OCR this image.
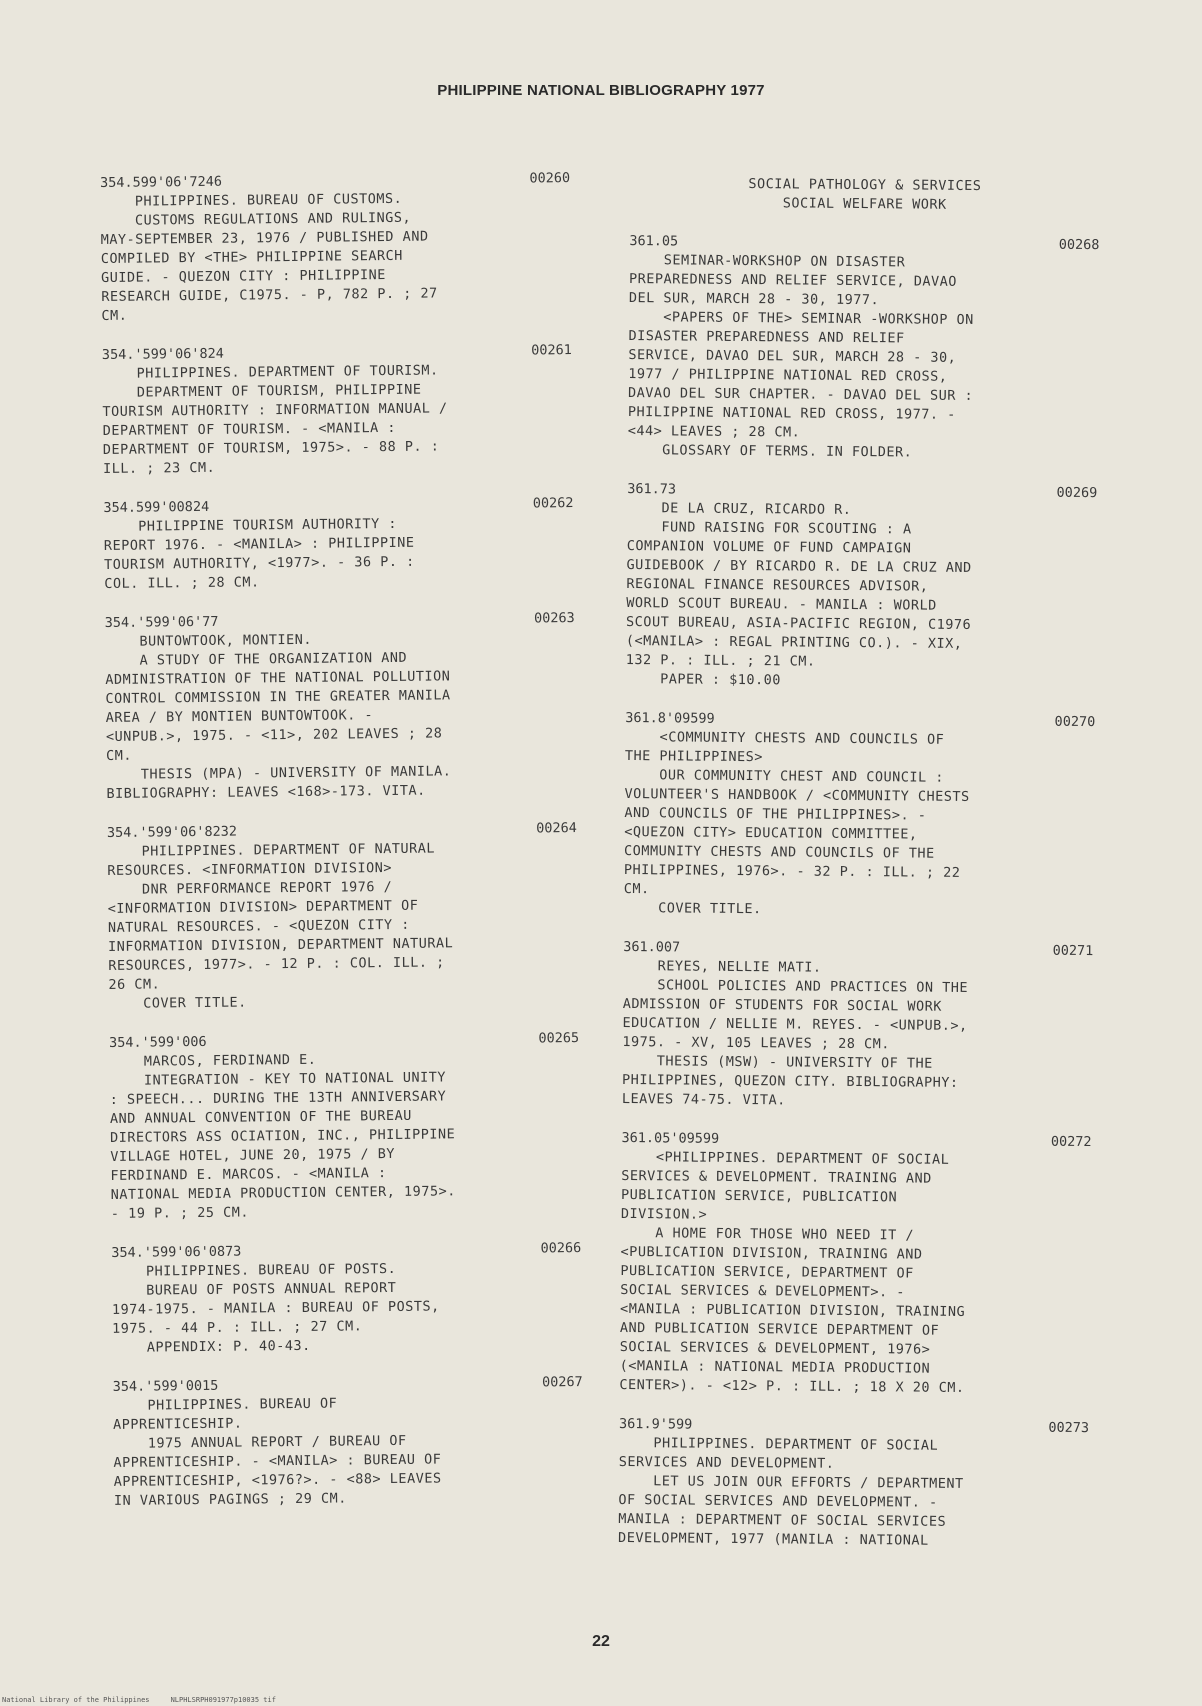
PHILIPPINE NATIONAL BIBLIOGRAPHY 1977
354.599'06'7246	00260
PHILIPPINES. BUREAU OF CUSTOMS.
CUSTOMS REGULATIONS AND RULINGS,
MAY-SEPTEMBER 23, 1976 / PUBLISHED AND
COMPILED BY <THE> PHILIPPINE SEARCH
GUIDE. - QUEZON CITY : PHILIPPINE
RESEARCH GUIDE, C1975. - P, 782 P. ; 27
CM.
354.'599'06'824	00261
PHILIPPINES. DEPARTMENT OF TOURISM.
DEPARTMENT OF TOURISM, PHILIPPINE
TOURISM AUTHORITY : INFORMATION MANUAL /
DEPARTMENT OF TOURISM. - <MANILA :
DEPARTMENT OF TOURISM, 1975>. - 88 P. :
ILL. ; 23 CM.
354.599'00824	00262
PHILIPPINE TOURISM AUTHORITY :
REPORT 1976. - <MANILA> : PHILIPPINE
TOURISM AUTHORITY, <1977>. - 36 P. :
COL. ILL. ; 28 CM.
354.'599'06'77	00263
BUNTOWTOOK, MONTIEN.
A STUDY OF THE ORGANIZATION AND
ADMINISTRATION OF THE NATIONAL POLLUTION
CONTROL COMMISSION IN THE GREATER MANILA
AREA / BY MONTIEN BUNTOWTOOK. -
<UNPUB.>, 1975. - <11>, 202 LEAVES ; 28
CM.
THESIS (MPA) - UNIVERSITY OF MANILA.
BIBLIOGRAPHY: LEAVES <168>-173. VITA.
354.'599'06'8232	00264
PHILIPPINES. DEPARTMENT OF NATURAL
RESOURCES. <INFORMATION DIVISION>
DNR PERFORMANCE REPORT 1976 /
<INFORMATION DIVISION> DEPARTMENT OF
NATURAL RESOURCES. - <QUEZON CITY :
INFORMATION DIVISION, DEPARTMENT NATURAL
RESOURCES, 1977>. - 12 P. : COL. ILL. ;
26 CM.
COVER TITLE.
354.'599'006	00265
MARCOS, FERDINAND E.
INTEGRATION - KEY TO NATIONAL UNITY
: SPEECH... DURING THE 13TH ANNIVERSARY
AND ANNUAL CONVENTION OF THE BUREAU
DIRECTORS ASS OCIATION, INC., PHILIPPINE
VILLAGE HOTEL, JUNE 20, 1975 / BY
FERDINAND E. MARCOS. - <MANILA :
NATIONAL MEDIA PRODUCTION CENTER, 1975>.
- 19 P. ; 25 CM.
354.'599'06'0873	00266
PHILIPPINES. BUREAU OF POSTS.
BUREAU OF POSTS ANNUAL REPORT
1974-1975. - MANILA : BUREAU OF POSTS,
1975. - 44 P. : ILL. ; 27 CM.
APPENDIX: P. 40-43.
354.'599'0015	00267
PHILIPPINES. BUREAU OF
APPRENTICESHIP.
1975 ANNUAL REPORT / BUREAU OF
APPRENTICESHIP. - <MANILA> : BUREAU OF
APPRENTICESHIP, <1976?>. - <88> LEAVES
IN VARIOUS PAGINGS ; 29 CM.
SOCIAL PATHOLOGY & SERVICES
SOCIAL WELFARE WORK
361.05	00268
SEMINAR-WORKSHOP ON DISASTER
PREPAREDNESS AND RELIEF SERVICE, DAVAO
DEL SUR, MARCH 28 - 30, 1977.
<PAPERS OF THE> SEMINAR -WORKSHOP ON
DISASTER PREPAREDNESS AND RELIEF
SERVICE, DAVAO DEL SUR, MARCH 28 - 30,
1977 / PHILIPPINE NATIONAL RED CROSS,
DAVAO DEL SUR CHAPTER. - DAVAO DEL SUR :
PHILIPPINE NATIONAL RED CROSS, 1977. -
<44> LEAVES ; 28 CM.
GLOSSARY OF TERMS. IN FOLDER.
361.73	00269
DE LA CRUZ, RICARDO R.
FUND RAISING FOR SCOUTING : A
COMPANION VOLUME OF FUND CAMPAIGN
GUIDEBOOK / BY RICARDO R. DE LA CRUZ AND
REGIONAL FINANCE RESOURCES ADVISOR,
WORLD SCOUT BUREAU. - MANILA : WORLD
SCOUT BUREAU, ASIA-PACIFIC REGION, C1976
(<MANILA> : REGAL PRINTING CO.). - XIX,
132 P. : ILL. ; 21 CM.
PAPER : $10.00
361.8'09599	00270
<COMMUNITY CHESTS AND COUNCILS OF
THE PHILIPPINES>
OUR COMMUNITY CHEST AND COUNCIL :
VOLUNTEER'S HANDBOOK / <COMMUNITY CHESTS
AND COUNCILS OF THE PHILIPPINES>. -
<QUEZON CITY> EDUCATION COMMITTEE,
COMMUNITY CHESTS AND COUNCILS OF THE
PHILIPPINES, 1976>. - 32 P. : ILL. ; 22
CM.
COVER TITLE.
361.007	00271
REYES, NELLIE MATI.
SCHOOL POLICIES AND PRACTICES ON THE
ADMISSION OF STUDENTS FOR SOCIAL WORK
EDUCATION / NELLIE M. REYES. - <UNPUB.>,
1975. - XV, 105 LEAVES ; 28 CM.
THESIS (MSW) - UNIVERSITY OF THE
PHILIPPINES, QUEZON CITY. BIBLIOGRAPHY:
LEAVES 74-75. VITA.
361.05'09599	00272
<PHILIPPINES. DEPARTMENT OF SOCIAL
SERVICES & DEVELOPMENT. TRAINING AND
PUBLICATION SERVICE, PUBLICATION
DIVISION.>
A HOME FOR THOSE WHO NEED IT /
<PUBLICATION DIVISION, TRAINING AND
PUBLICATION SERVICE, DEPARTMENT OF
SOCIAL SERVICES & DEVELOPMENT>. -
<MANILA : PUBLICATION DIVISION, TRAINING
AND PUBLICATION SERVICE DEPARTMENT OF
SOCIAL SERVICES & DEVELOPMENT, 1976>
(<MANILA : NATIONAL MEDIA PRODUCTION
CENTER>). - <12> P. : ILL. ; 18 X 20 CM.
361.9'599	00273
PHILIPPINES. DEPARTMENT OF SOCIAL
SERVICES AND DEVELOPMENT.
LET US JOIN OUR EFFORTS / DEPARTMENT
OF SOCIAL SERVICES AND DEVELOPMENT. -
MANILA : DEPARTMENT OF SOCIAL SERVICES
DEVELOPMENT, 1977 (MANILA : NATIONAL
22
National Library of the Philippines     NLPHLSRPH091977p10035 tif
